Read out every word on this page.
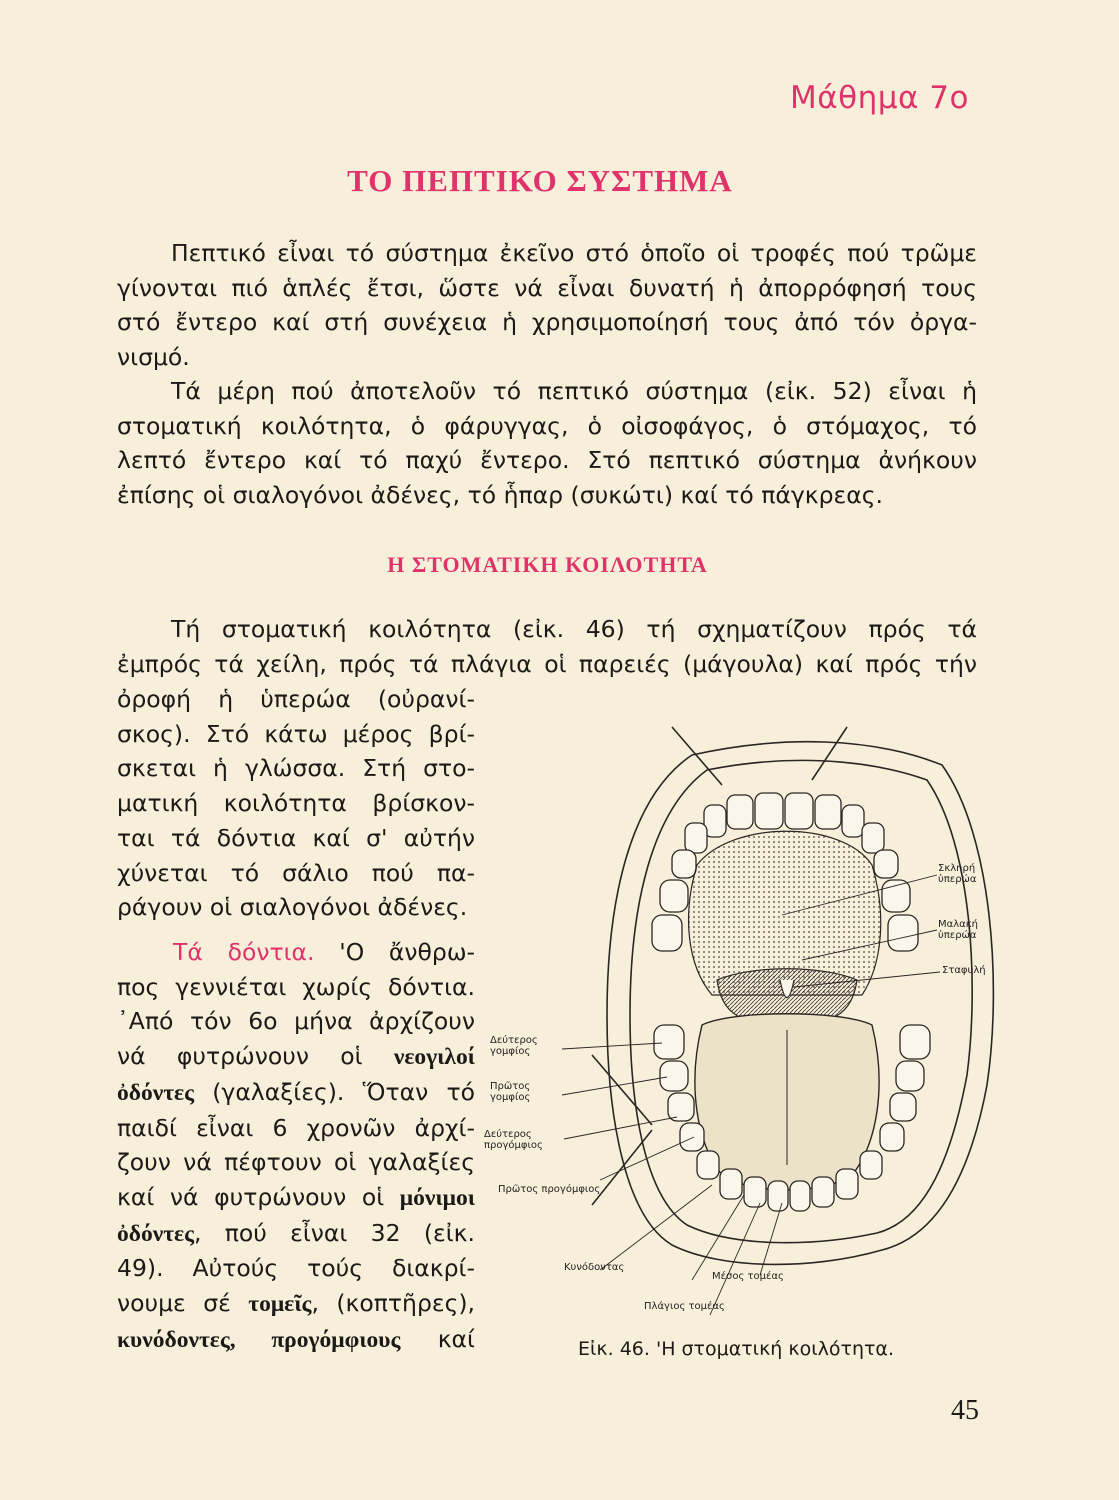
Μάθημα 7ο
ΤΟ ΠΕΠΤΙΚΟ ΣΥΣΤΗΜΑ
Πεπτικό εἶναι τό σύστημα ἐκεῖνο στό ὁποῖο οἱ τροφές πού τρῶμε
γίνονται πιό ἁπλές ἔτσι, ὥστε νά εἶναι δυνατή ἡ ἀπορρόφησή τους
στό ἔντερο καί στή συνέχεια ἡ χρησιμοποίησή τους ἀπό τόν ὀργα-
νισμό.
Τά μέρη πού ἀποτελοῦν τό πεπτικό σύστημα (εἰκ. 52) εἶναι ἡ
στοματική κοιλότητα, ὁ φάρυγγας, ὁ οἰσοφάγος, ὁ στόμαχος, τό
λεπτό ἔντερο καί τό παχύ ἔντερο. Στό πεπτικό σύστημα ἀνήκουν
ἐπίσης οἱ σιαλογόνοι ἀδένες, τό ἧπαρ (συκώτι) καί τό πάγκρεας.
Η ΣΤΟΜΑΤΙΚΗ ΚΟΙΛΟΤΗΤΑ
Τή στοματική κοιλότητα (εἰκ. 46) τή σχηματίζουν πρός τά
ἐμπρός τά χείλη, πρός τά πλάγια οἱ παρειές (μάγουλα) καί πρός τήν
ὀροφή ἡ ὑπερώα (οὐρανί-
σκος). Στό κάτω μέρος βρί-
σκεται ἡ γλώσσα. Στή στο-
ματική κοιλότητα βρίσκον-
ται τά δόντια καί σ' αὐτήν
χύνεται τό σάλιο πού πα-
ράγουν οἱ σιαλογόνοι ἀδένες.
Τά δόντια. 'Ο ἄνθρω-
πος γεννιέται χωρίς δόντια.
᾿Από τόν 6ο μήνα ἀρχίζουν
νά φυτρώνουν οἱ νεογιλοί
ὀδόντες (γαλαξίες). Ὅταν τό
παιδί εἶναι 6 χρονῶν ἀρχί-
ζουν νά πέφτουν οἱ γαλαξίες
καί νά φυτρώνουν οἱ μόνιμοι
ὀδόντες, πού εἶναι 32 (εἰκ.
49). Αὐτούς τούς διακρί-
νουμε σέ τομεῖς, (κοπτῆρες),
κυνόδοντες, προγόμφιους καί
Σκληρή
ὑπερώα
Μαλακή
ὑπερώα
Σταφυλή
Δεύτερος
γομφίος
Πρῶτος
γομφίος
Δεύτερος
προγόμφιος
Πρῶτος προγόμφιος
Κυνόδοντας
Μέσος τομέας
Πλάγιος τομέας
Εἰκ. 46. 'Η στοματική κοιλότητα.
45
